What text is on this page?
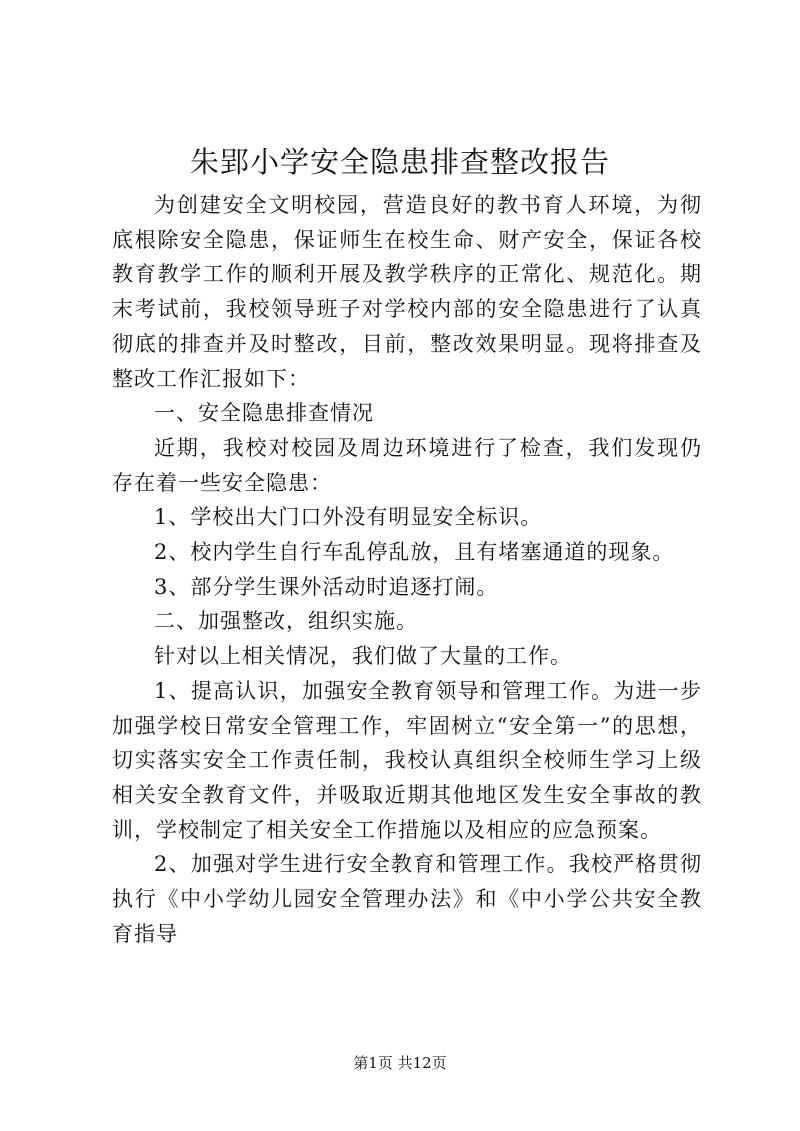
朱郢小学安全隐患排查整改报告

为创建安全文明校园，营造良好的教书育人环境，为彻底根除安全隐患，保证师生在校生命、财产安全，保证各校教育教学工作的顺利开展及教学秩序的正常化、规范化。期末考试前，我校领导班子对学校内部的安全隐患进行了认真彻底的排查并及时整改，目前，整改效果明显。现将排查及整改工作汇报如下：

一、安全隐患排查情况

近期，我校对校园及周边环境进行了检查，我们发现仍存在着一些安全隐患：

1、学校出大门口外没有明显安全标识。

2、校内学生自行车乱停乱放，且有堵塞通道的现象。

3、部分学生课外活动时追逐打闹。

二、加强整改，组织实施。

针对以上相关情况，我们做了大量的工作。

1、提高认识，加强安全教育领导和管理工作。为进一步加强学校日常安全管理工作，牢固树立“安全第一”的思想，切实落实安全工作责任制，我校认真组织全校师生学习上级相关安全教育文件，并吸取近期其他地区发生安全事故的教训，学校制定了相关安全工作措施以及相应的应急预案。

2、加强对学生进行安全教育和管理工作。我校严格贯彻执行《中小学幼儿园安全管理办法》和《中小学公共安全教育指导

第1页 共12页
